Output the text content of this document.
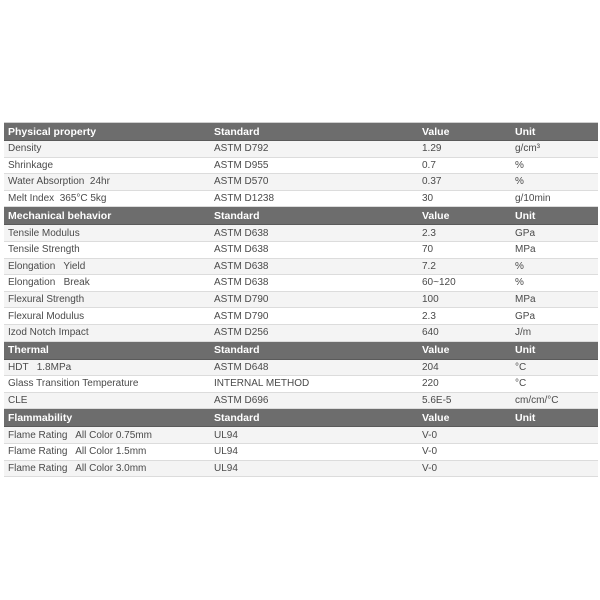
Physical property	Standard	Value	Unit
Density	ASTM D792	1.29	g/cm³
Shrinkage	ASTM D955	0.7	%
Water Absorption  24hr	ASTM D570	0.37	%
Melt Index  365°C 5kg	ASTM D1238	30	g/10min
Mechanical behavior	Standard	Value	Unit
Tensile Modulus	ASTM D638	2.3	GPa
Tensile Strength	ASTM D638	70	MPa
Elongation   Yield	ASTM D638	7.2	%
Elongation   Break	ASTM D638	60~120	%
Flexural Strength	ASTM D790	100	MPa
Flexural Modulus	ASTM D790	2.3	GPa
Izod Notch Impact	ASTM D256	640	J/m
Thermal	Standard	Value	Unit
HDT   1.8MPa	ASTM D648	204	°C
Glass Transition Temperature	INTERNAL METHOD	220	°C
CLE	ASTM D696	5.6E-5	cm/cm/°C
Flammability	Standard	Value	Unit
Flame Rating   All Color 0.75mm	UL94	V-0
Flame Rating   All Color 1.5mm	UL94	V-0
Flame Rating   All Color 3.0mm	UL94	V-0
